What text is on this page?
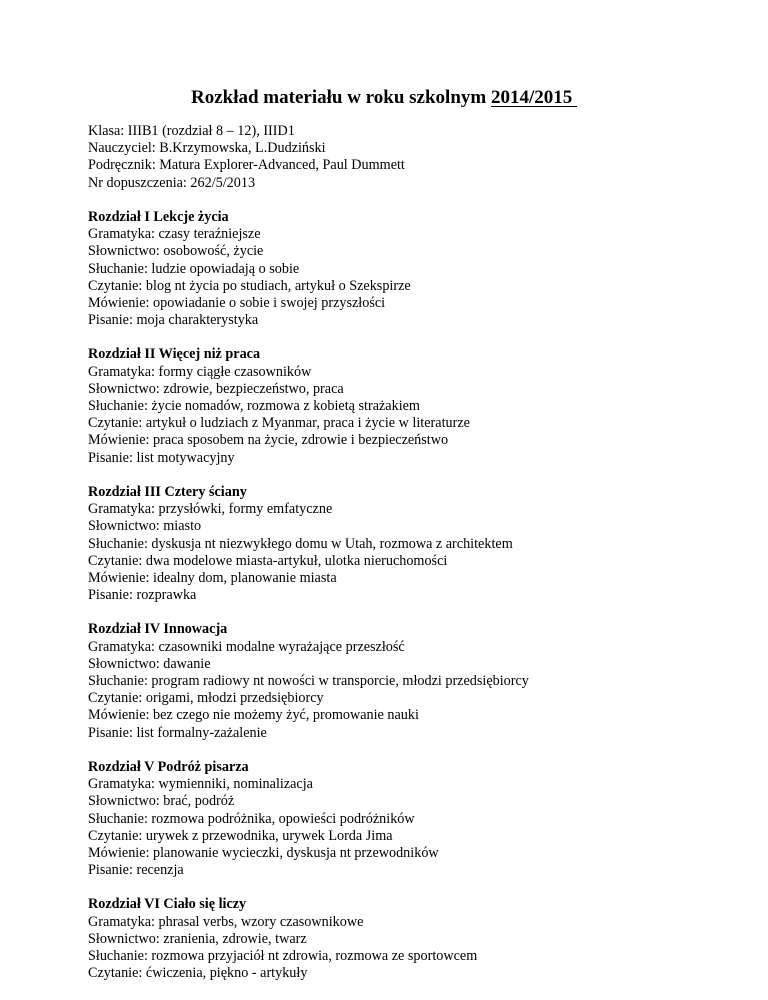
Rozkład materiału w roku szkolnym 2014/2015
Klasa: IIIB1 (rozdział 8 – 12), IIID1
Nauczyciel: B.Krzymowska, L.Dudziński
Podręcznik: Matura Explorer-Advanced, Paul Dummett
Nr dopuszczenia: 262/5/2013
Rozdział I Lekcje życia
Gramatyka: czasy teraźniejsze
Słownictwo: osobowość, życie
Słuchanie: ludzie opowiadają o sobie
Czytanie: blog nt życia po studiach, artykuł o Szekspirze
Mówienie: opowiadanie o sobie i swojej przyszłości
Pisanie: moja charakterystyka
Rozdział II Więcej niż praca
Gramatyka: formy ciągłe czasowników
Słownictwo: zdrowie, bezpieczeństwo, praca
Słuchanie: życie nomadów, rozmowa z kobietą strażakiem
Czytanie: artykuł o ludziach z Myanmar, praca i życie w literaturze
Mówienie: praca sposobem na życie, zdrowie i bezpieczeństwo
Pisanie: list motywacyjny
Rozdział III Cztery ściany
Gramatyka: przysłówki, formy emfatyczne
Słownictwo: miasto
Słuchanie: dyskusja nt niezwykłego domu w Utah, rozmowa z architektem
Czytanie: dwa modelowe miasta-artykuł, ulotka nieruchomości
Mówienie: idealny dom, planowanie miasta
Pisanie: rozprawka
Rozdział IV Innowacja
Gramatyka: czasowniki modalne wyrażające przeszłość
Słownictwo: dawanie
Słuchanie: program radiowy nt nowości w transporcie, młodzi przedsiębiorcy
Czytanie: origami, młodzi przedsiębiorcy
Mówienie: bez czego nie możemy żyć, promowanie nauki
Pisanie: list formalny-zażalenie
Rozdział V Podróż pisarza
Gramatyka: wymienniki, nominalizacja
Słownictwo: brać, podróż
Słuchanie: rozmowa podróżnika, opowieści podróżników
Czytanie: urywek z przewodnika, urywek Lorda Jima
Mówienie: planowanie wycieczki, dyskusja nt przewodników
Pisanie: recenzja
Rozdział VI Ciało się liczy
Gramatyka: phrasal verbs, wzory czasownikowe
Słownictwo: zranienia, zdrowie, twarz
Słuchanie: rozmowa przyjaciół nt zdrowia, rozmowa ze sportowcem
Czytanie: ćwiczenia, piękno - artykuły
